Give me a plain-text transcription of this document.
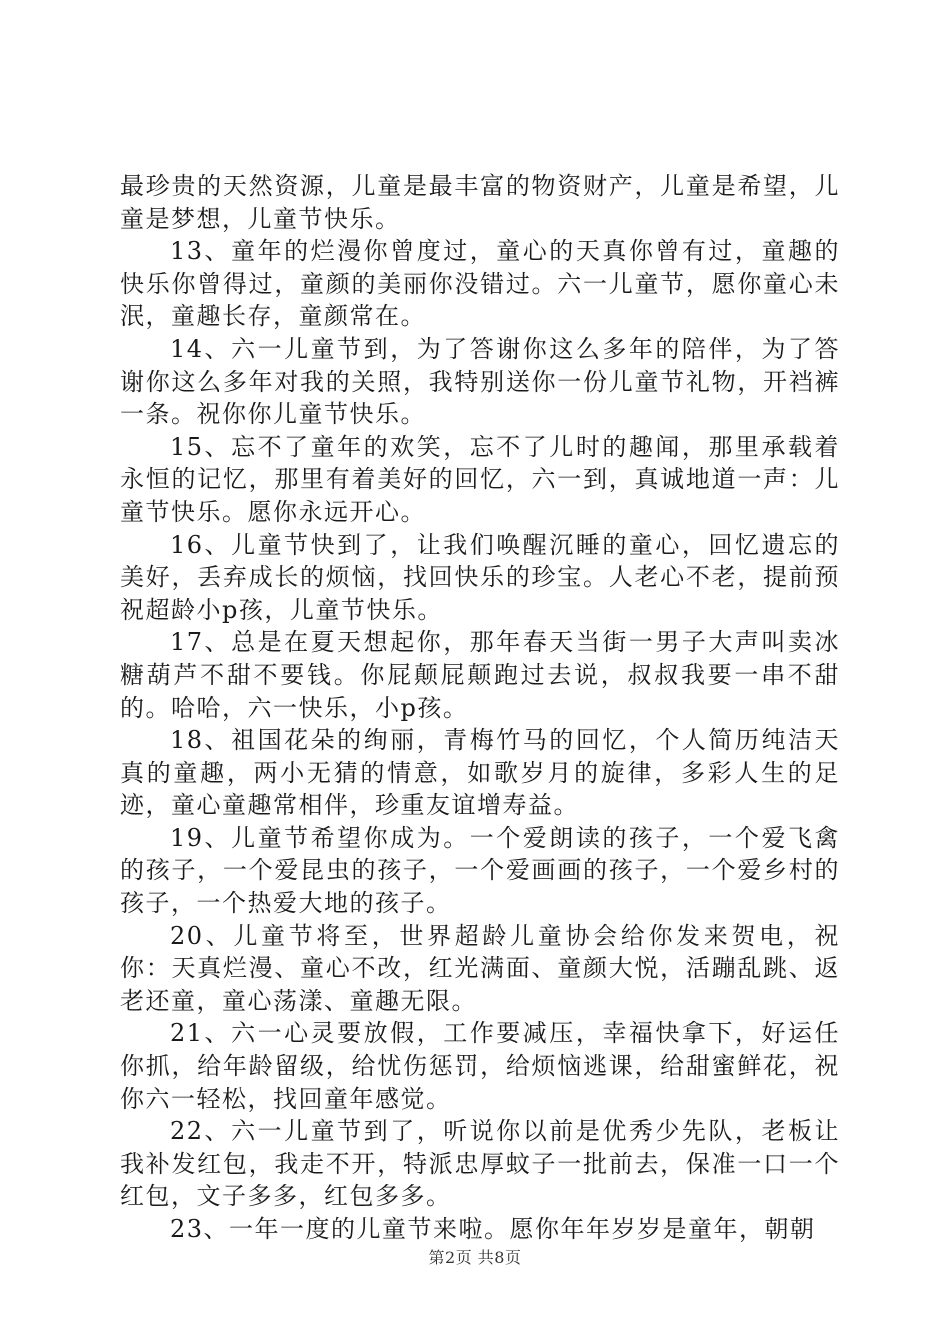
最珍贵的天然资源，儿童是最丰富的物资财产，儿童是希望，儿童是梦想，儿童节快乐。

13、童年的烂漫你曾度过，童心的天真你曾有过，童趣的快乐你曾得过，童颜的美丽你没错过。六一儿童节，愿你童心未泯，童趣长存，童颜常在。

14、六一儿童节到，为了答谢你这么多年的陪伴，为了答谢你这么多年对我的关照，我特别送你一份儿童节礼物，开裆裤一条。祝你你儿童节快乐。

15、忘不了童年的欢笑，忘不了儿时的趣闻，那里承载着永恒的记忆，那里有着美好的回忆，六一到，真诚地道一声：儿童节快乐。愿你永远开心。

16、儿童节快到了，让我们唤醒沉睡的童心，回忆遗忘的美好，丢弃成长的烦恼，找回快乐的珍宝。人老心不老，提前预祝超龄小p孩，儿童节快乐。

17、总是在夏天想起你，那年春天当街一男子大声叫卖冰糖葫芦不甜不要钱。你屁颠屁颠跑过去说，叔叔我要一串不甜的。哈哈，六一快乐，小p孩。

18、祖国花朵的绚丽，青梅竹马的回忆，个人简历纯洁天真的童趣，两小无猜的情意，如歌岁月的旋律，多彩人生的足迹，童心童趣常相伴，珍重友谊增寿益。

19、儿童节希望你成为。一个爱朗读的孩子，一个爱飞禽的孩子，一个爱昆虫的孩子，一个爱画画的孩子，一个爱乡村的孩子，一个热爱大地的孩子。

20、儿童节将至，世界超龄儿童协会给你发来贺电，祝你：天真烂漫、童心不改，红光满面、童颜大悦，活蹦乱跳、返老还童，童心荡漾、童趣无限。

21、六一心灵要放假，工作要减压，幸福快拿下，好运任你抓，给年龄留级，给忧伤惩罚，给烦恼逃课，给甜蜜鲜花，祝你六一轻松，找回童年感觉。

22、六一儿童节到了，听说你以前是优秀少先队，老板让我补发红包，我走不开，特派忠厚蚊子一批前去，保准一口一个红包，文子多多，红包多多。

23、一年一度的儿童节来啦。愿你年年岁岁是童年，朝朝

第2页 共8页
